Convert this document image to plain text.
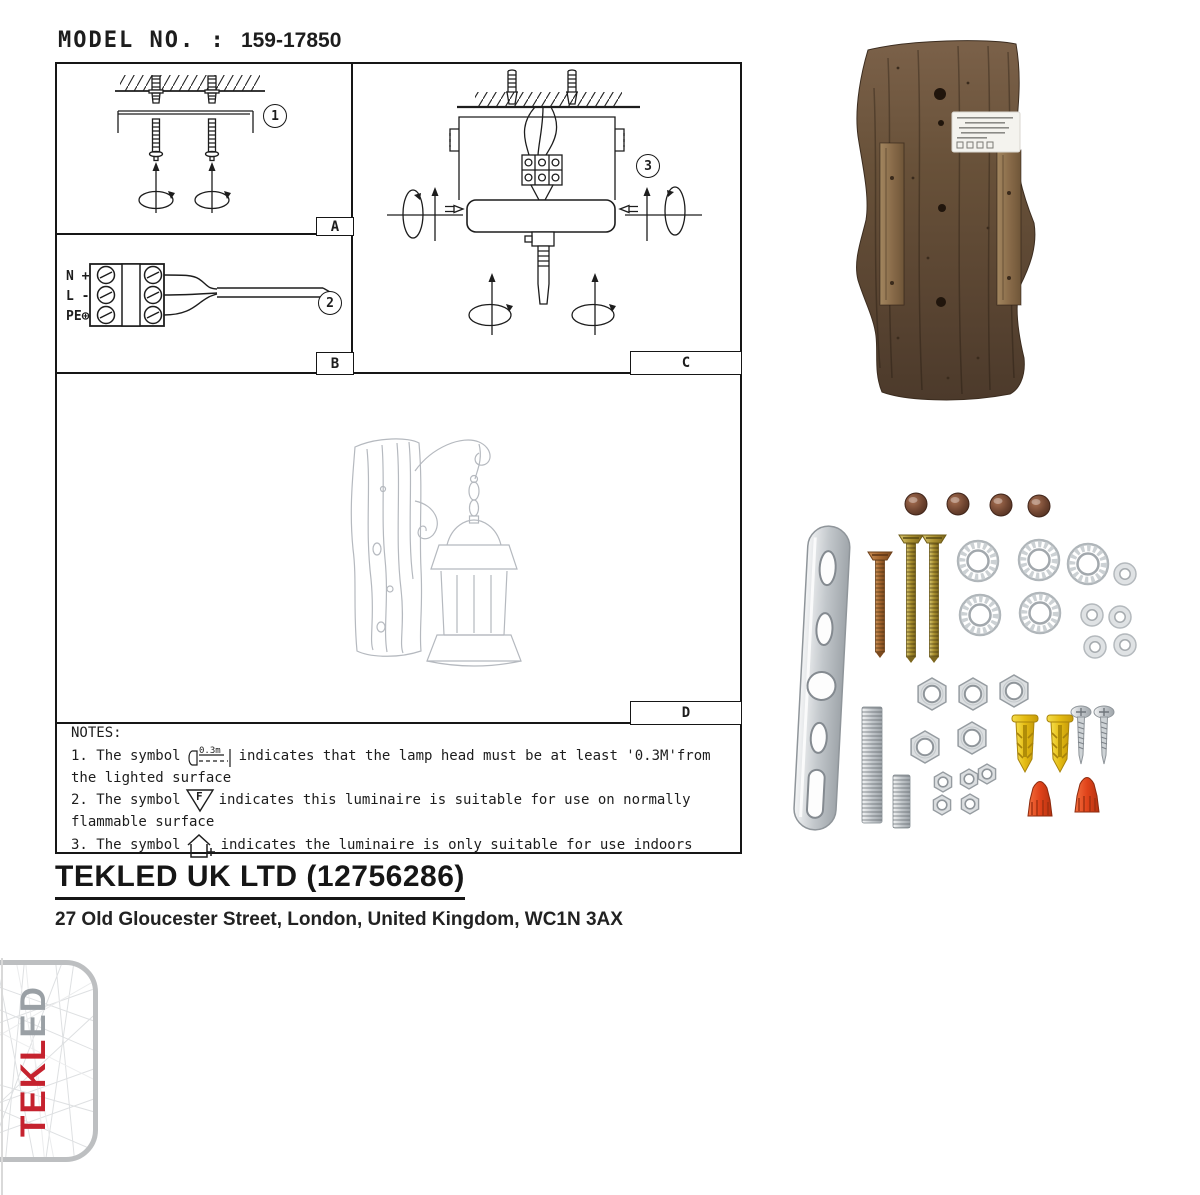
MODEL NO. : 159-17850
A
B	C
D
1
2
3
N +
L -
PE⊕
NOTES:
1. The symbol 0.3m indicates that the lamp head must be at least '0.3M'from the lighted surface
2. The symbol F indicates this luminaire is suitable for use on normally flammable surface
3. The symbol	indicates the luminaire is only suitable for use indoors
TEKLED UK LTD (12756286)
27 Old Gloucester Street, London, United Kingdom, WC1N 3AX
TEKLED
